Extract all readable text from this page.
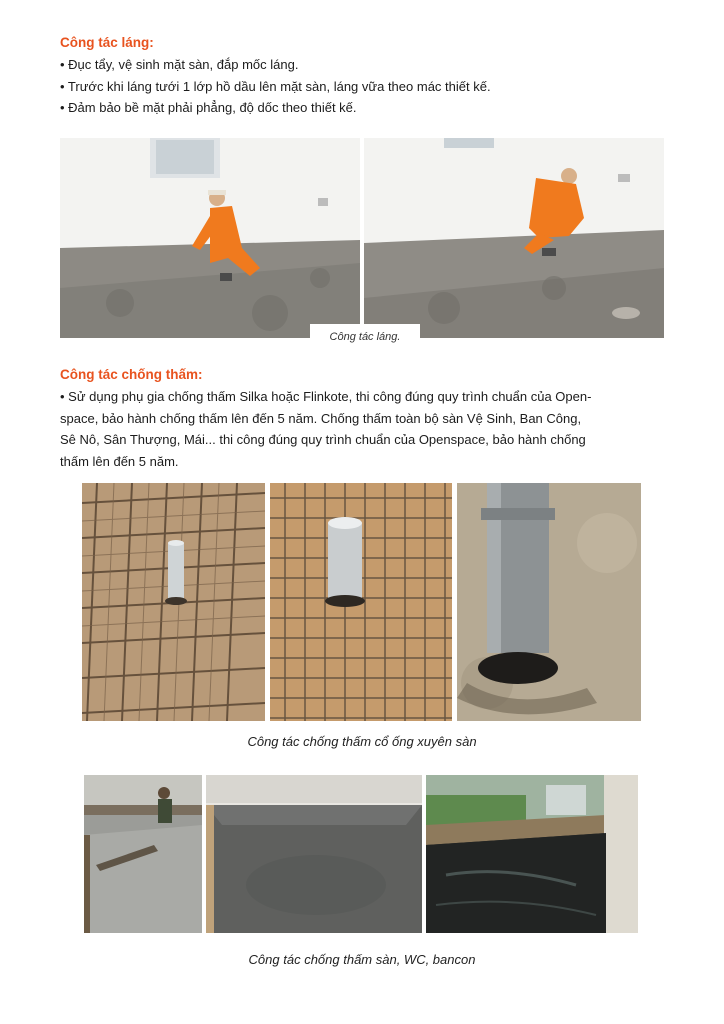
Công tác láng:

• Đục tẩy, vệ sinh mặt sàn, đắp mốc láng.

• Trước khi láng tưới 1 lớp hồ dầu lên mặt sàn, láng vữa theo mác thiết kế.

• Đảm bảo bề mặt phải phẳng, độ dốc theo thiết kế.

Công tác láng.
Công tác chống thấm:

• Sử dụng phụ gia chống thấm Silka hoặc Flinkote, thi công đúng quy trình chuẩn của Open-

space, bảo hành chống thấm lên đến 5 năm. Chống thấm toàn bộ sàn Vệ Sinh, Ban Công,

Sê Nô, Sân Thượng, Mái... thi công đúng quy trình chuẩn của Openspace, bảo hành chống

thấm lên đến 5 năm.

Công tác chống thấm cổ ống xuyên sàn
Công tác chống thấm sàn, WC, bancon
